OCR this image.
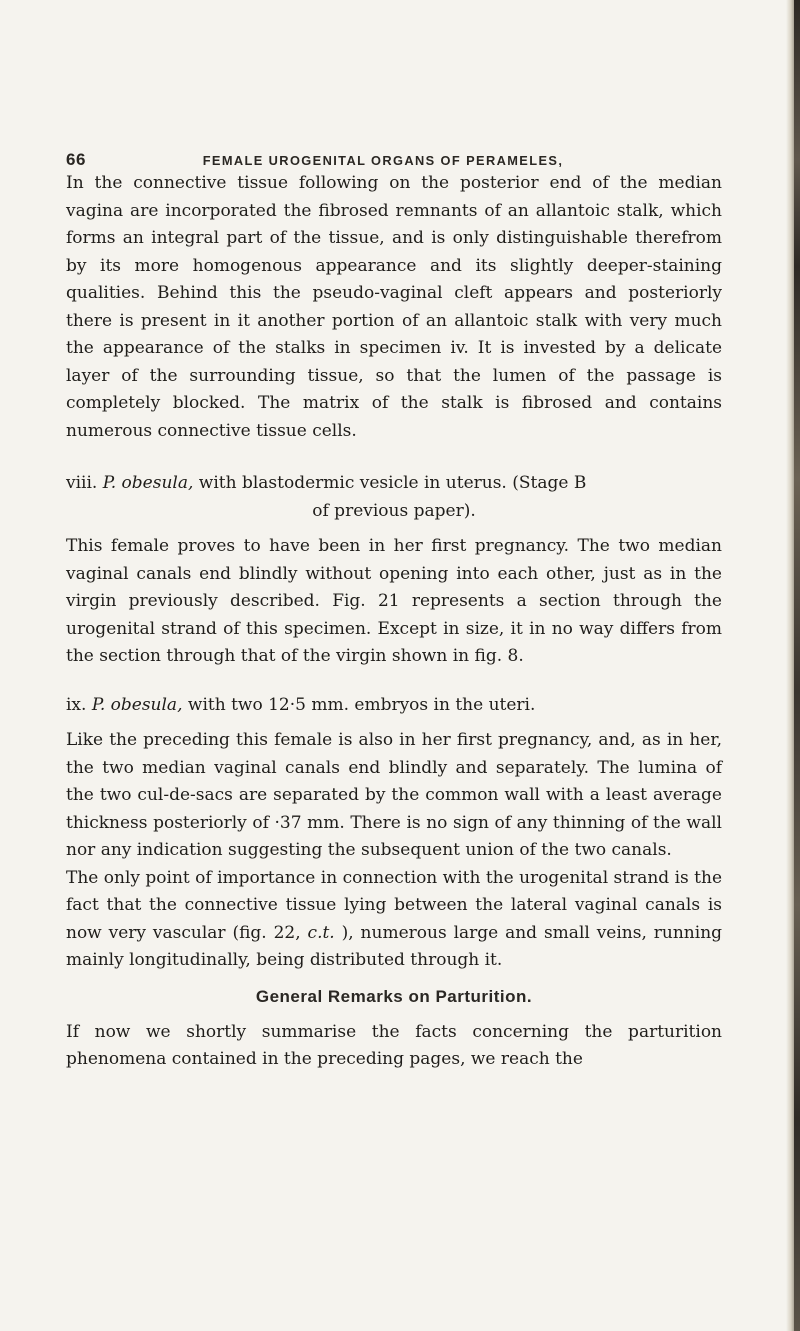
66	FEMALE UROGENITAL ORGANS OF PERAMELES,

In the connective tissue following on the posterior end of the median vagina are incorporated the fibrosed remnants of an allantoic stalk, which forms an integral part of the tissue, and is only distinguishable therefrom by its more homogenous appearance and its slightly deeper-staining qualities. Behind this the pseudo-vaginal cleft appears and posteriorly there is present in it another portion of an allantoic stalk with very much the appearance of the stalks in specimen iv. It is invested by a delicate layer of the surrounding tissue, so that the lumen of the passage is completely blocked. The matrix of the stalk is fibrosed and contains numerous connective tissue cells.

viii. P. obesula, with blastodermic vesicle in uterus. (Stage B
of previous paper).

This female proves to have been in her first pregnancy. The two median vaginal canals end blindly without opening into each other, just as in the virgin previously described. Fig. 21 represents a section through the urogenital strand of this specimen. Except in size, it in no way differs from the section through that of the virgin shown in fig. 8.

ix. P. obesula, with two 12·5 mm. embryos in the uteri.

Like the preceding this female is also in her first pregnancy, and, as in her, the two median vaginal canals end blindly and separately. The lumina of the two cul-de-sacs are separated by the common wall with a least average thickness posteriorly of ·37 mm. There is no sign of any thinning of the wall nor any indication suggesting the subsequent union of the two canals.

The only point of importance in connection with the urogenital strand is the fact that the connective tissue lying between the lateral vaginal canals is now very vascular (fig. 22, c.t. ), numerous large and small veins, running mainly longitudinally, being distributed through it.

General Remarks on Parturition.

If now we shortly summarise the facts concerning the parturition phenomena contained in the preceding pages, we reach the
